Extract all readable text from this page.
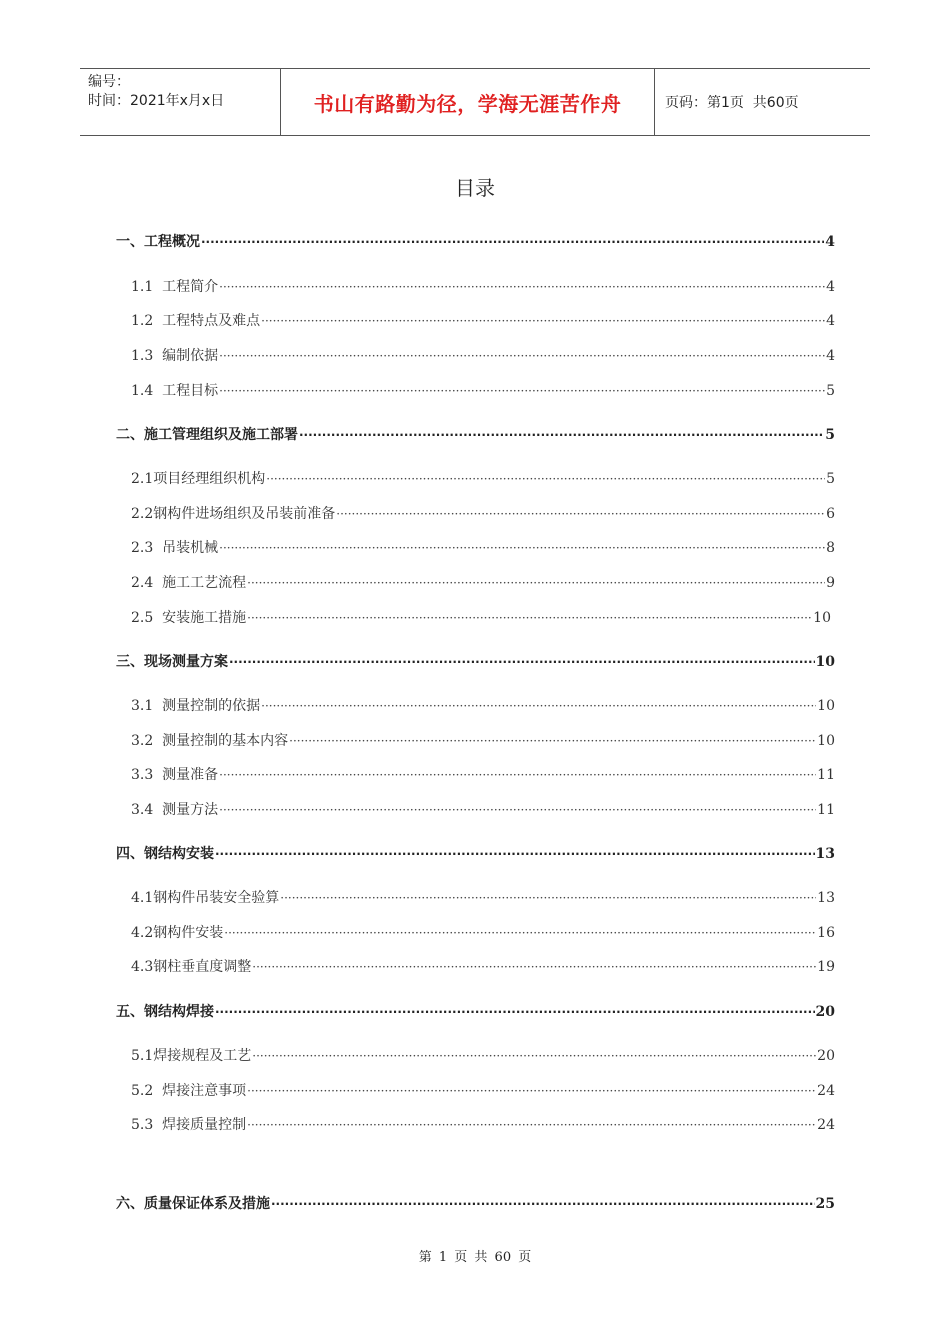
编号：
时间：2021年x月x日	书山有路勤为径，学海无涯苦作舟	页码：第1页  共60页
目录
一、工程概况 ·····	4
1.1  工程简介 ·····	4
1.2  工程特点及难点 ·····	4
1.3  编制依据 ·····	4
1.4  工程目标 ·····	5
二、施工管理组织及施工部署 ·····	5
2.1项目经理组织机构 ·····	5
2.2钢构件进场组织及吊装前准备 ·····	6
2.3  吊装机械 ·····	8
2.4  施工工艺流程 ·····	9
2.5  安装施工措施 ·····	10
三、现场测量方案 ·····	10
3.1  测量控制的依据 ·····	10
3.2  测量控制的基本内容 ·····	10
3.3  测量准备 ·····	11
3.4  测量方法 ·····	11
四、钢结构安装 ·····	13
4.1钢构件吊装安全验算 ·····	13
4.2钢构件安装 ·····	16
4.3钢柱垂直度调整 ·····	19
五、钢结构焊接 ·····	20
5.1焊接规程及工艺 ·····	20
5.2  焊接注意事项 ·····	24
5.3  焊接质量控制 ·····	24
六、质量保证体系及措施 ·····	25
第 1 页 共 60 页
